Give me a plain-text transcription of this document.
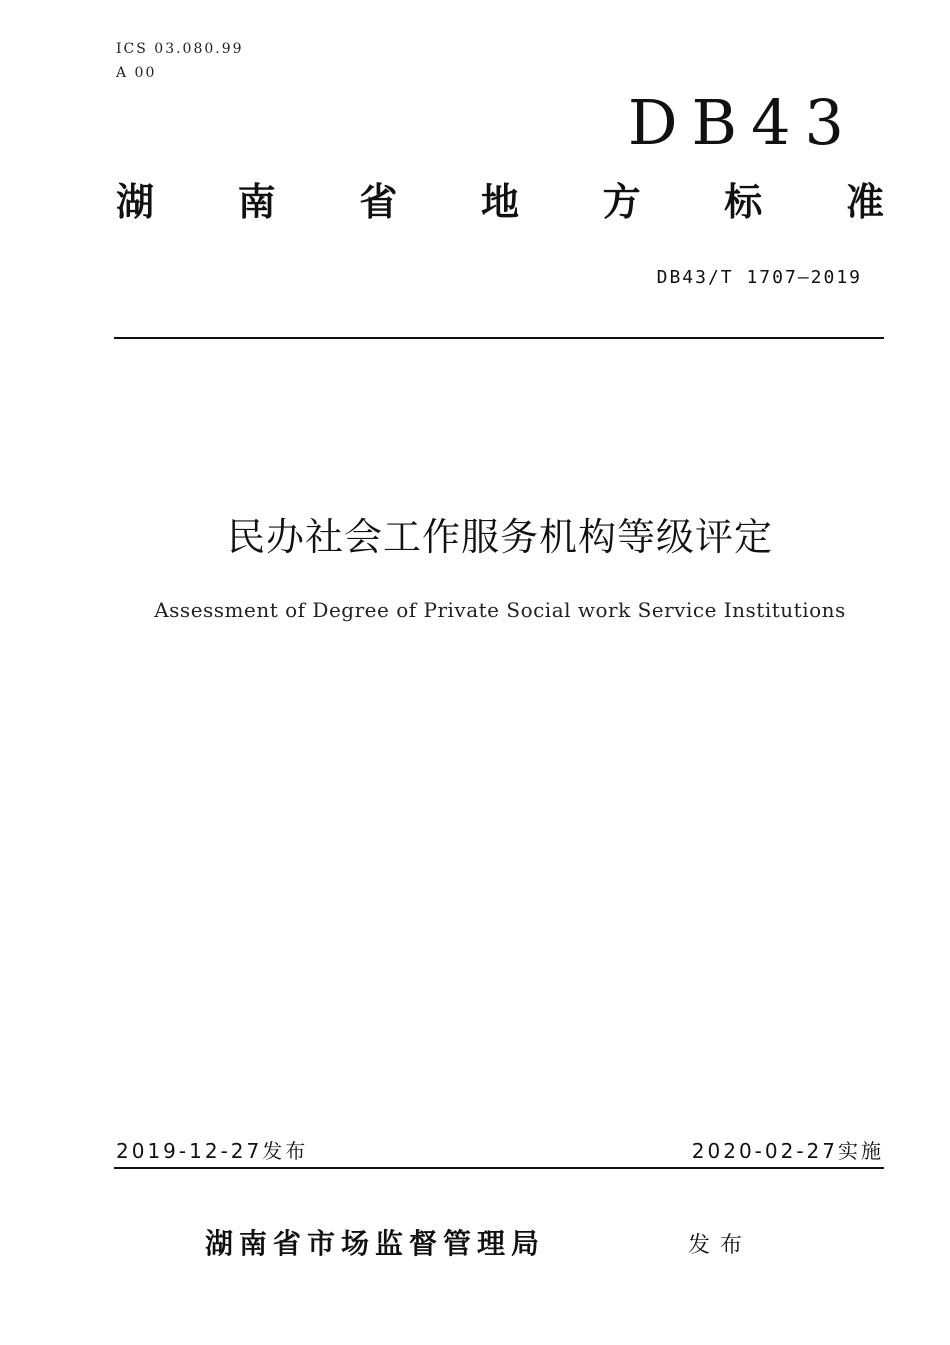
ICS 03.080.99
A 00
DB43
湖 南 省 地 方 标 准
DB43/T 1707—2019
民办社会工作服务机构等级评定
Assessment of Degree of Private Social work Service Institutions
2019-12-27发布	2020-02-27实施
湖南省市场监督管理局	发布
